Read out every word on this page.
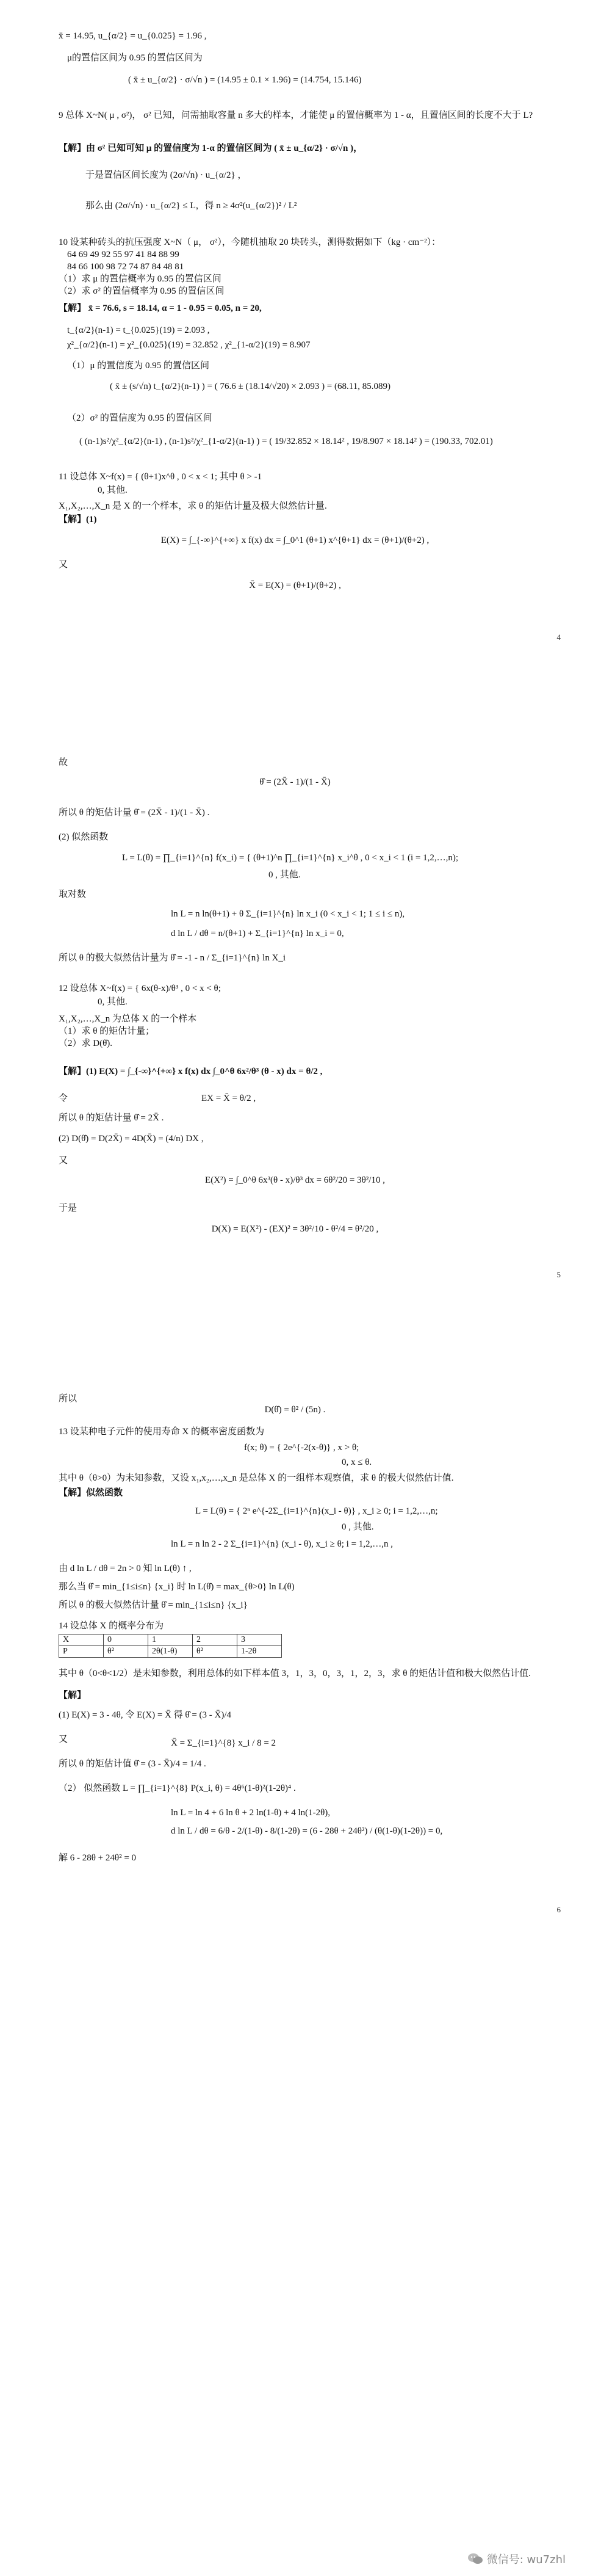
x̄ = 14.95, u_{α/2} = u_{0.025} = 1.96 ,
μ的置信区间为 0.95 的置信区间为
( x̄ ± u_{α/2} · σ/√n ) = (14.95 ± 0.1 × 1.96) = (14.754, 15.146)
9 总体 X~N( μ , σ²)， σ² 已知，问需抽取容量 n 多大的样本，才能使 μ 的置信概率为 1 - α，且置信区间的长度不大于 L?
【解】由 σ² 已知可知 μ 的置信度为 1-α 的置信区间为 ( x̄ ± u_{α/2} · σ/√n )，
于是置信区间长度为 (2σ/√n) · u_{α/2} ，
那么由 (2σ/√n) · u_{α/2} ≤ L，得 n ≥ 4σ²(u_{α/2})² / L²
10 设某种砖头的抗压强度 X~N（ μ， σ²），今随机抽取 20 块砖头，测得数据如下（kg · cm⁻²）：
64 69 49 92 55 97 41 84 88 99
84 66 100 98 72 74 87 84 48 81
（1）求 μ 的置信概率为 0.95 的置信区间
（2）求 σ² 的置信概率为 0.95 的置信区间
【解】 x̄ = 76.6, s = 18.14, α = 1 - 0.95 = 0.05, n = 20,
t_{α/2}(n-1) = t_{0.025}(19) = 2.093 ,
χ²_{α/2}(n-1) = χ²_{0.025}(19) = 32.852 , χ²_{1-α/2}(19) = 8.907
（1）μ 的置信度为 0.95 的置信区间
( x̄ ± (s/√n) t_{α/2}(n-1) ) = ( 76.6 ± (18.14/√20) × 2.093 ) = (68.11, 85.089)
（2）σ² 的置信度为 0.95 的置信区间
( (n-1)s²/χ²_{α/2}(n-1) , (n-1)s²/χ²_{1-α/2}(n-1) ) = ( 19/32.852 × 18.14² , 19/8.907 × 18.14² ) = (190.33, 702.01)
11 设总体 X~f(x) = { (θ+1)x^θ , 0 < x < 1; 其中 θ > -1
0, 其他.
X₁,X₂,…,X_n 是 X 的一个样本，求 θ 的矩估计量及极大似然估计量.
【解】(1)
E(X) = ∫_{-∞}^{+∞} x f(x) dx = ∫_0^1 (θ+1) x^{θ+1} dx = (θ+1)/(θ+2) ,
又
X̄ = E(X) = (θ+1)/(θ+2) ,
4
故
θ̂ = (2X̄ - 1)/(1 - X̄)
所以 θ 的矩估计量 θ̂ = (2X̄ - 1)/(1 - X̄) .
(2) 似然函数
L = L(θ) = ∏_{i=1}^{n} f(x_i) = { (θ+1)^n ∏_{i=1}^{n} x_i^θ , 0 < x_i < 1 (i = 1,2,…,n);
0 , 其他.
取对数
ln L = n ln(θ+1) + θ Σ_{i=1}^{n} ln x_i (0 < x_i < 1; 1 ≤ i ≤ n),
d ln L / dθ = n/(θ+1) + Σ_{i=1}^{n} ln x_i = 0,
所以 θ 的极大似然估计量为 θ̂ = -1 - n / Σ_{i=1}^{n} ln X_i
12 设总体 X~f(x) = { 6x(θ-x)/θ³ , 0 < x < θ;
0, 其他.
X₁,X₂,…,X_n 为总体 X 的一个样本
（1）求 θ 的矩估计量；
（2）求 D(θ̂).
【解】(1) E(X) = ∫_{-∞}^{+∞} x f(x) dx ∫_0^θ 6x²/θ³ (θ - x) dx = θ/2 ,
令	EX = X̄ = θ/2 ,
所以 θ 的矩估计量 θ̂ = 2X̄ .
(2) D(θ̂) = D(2X̄) = 4D(X̄) = (4/n) DX ,
又
E(X²) = ∫_0^θ 6x³(θ - x)/θ³ dx = 6θ²/20 = 3θ²/10 ,
于是
D(X) = E(X²) - (EX)² = 3θ²/10 - θ²/4 = θ²/20 ,
5
所以
D(θ̂) = θ² / (5n) .
13 设某种电子元件的使用寿命 X 的概率密度函数为
f(x; θ) = { 2e^{-2(x-θ)} , x > θ;
0, x ≤ θ.
其中 θ（θ>0）为未知参数，又设 x₁,x₂,…,x_n 是总体 X 的一组样本观察值，求 θ 的极大似然估计值.
【解】似然函数
L = L(θ) = { 2ⁿ e^{-2Σ_{i=1}^{n}(x_i - θ)} , x_i ≥ 0; i = 1,2,…,n;
0 , 其他.
ln L = n ln 2 - 2 Σ_{i=1}^{n} (x_i - θ), x_i ≥ θ; i = 1,2,…,n ,
由 d ln L / dθ = 2n > 0 知 ln L(θ) ↑ ,
那么当 θ̂ = min_{1≤i≤n} {x_i} 时 ln L(θ̂) = max_{θ>0} ln L(θ)
所以 θ 的极大似然估计量 θ̂ = min_{1≤i≤n} {x_i}
14 设总体 X 的概率分布为
X	0	1	2	3
P	θ²	2θ(1-θ)	θ²	1-2θ
其中 θ（0<θ<1/2）是未知参数，利用总体的如下样本值 3，1，3，0，3，1，2，3，求 θ 的矩估计值和极大似然估计值.
【解】
(1) E(X) = 3 - 4θ, 令 E(X) = X̄ 得 θ̂ = (3 - X̄)/4
又	X̄ = Σ_{i=1}^{8} x_i / 8 = 2
所以 θ 的矩估计值 θ̂ = (3 - X̄)/4 = 1/4 .
（2） 似然函数 L = ∏_{i=1}^{8} P(x_i, θ) = 4θ⁶(1-θ)²(1-2θ)⁴ .
ln L = ln 4 + 6 ln θ + 2 ln(1-θ) + 4 ln(1-2θ),
d ln L / dθ = 6/θ - 2/(1-θ) - 8/(1-2θ) = (6 - 28θ + 24θ²) / (θ(1-θ)(1-2θ)) = 0,
解 6 - 28θ + 24θ² = 0
6
微信号: wu7zhl
